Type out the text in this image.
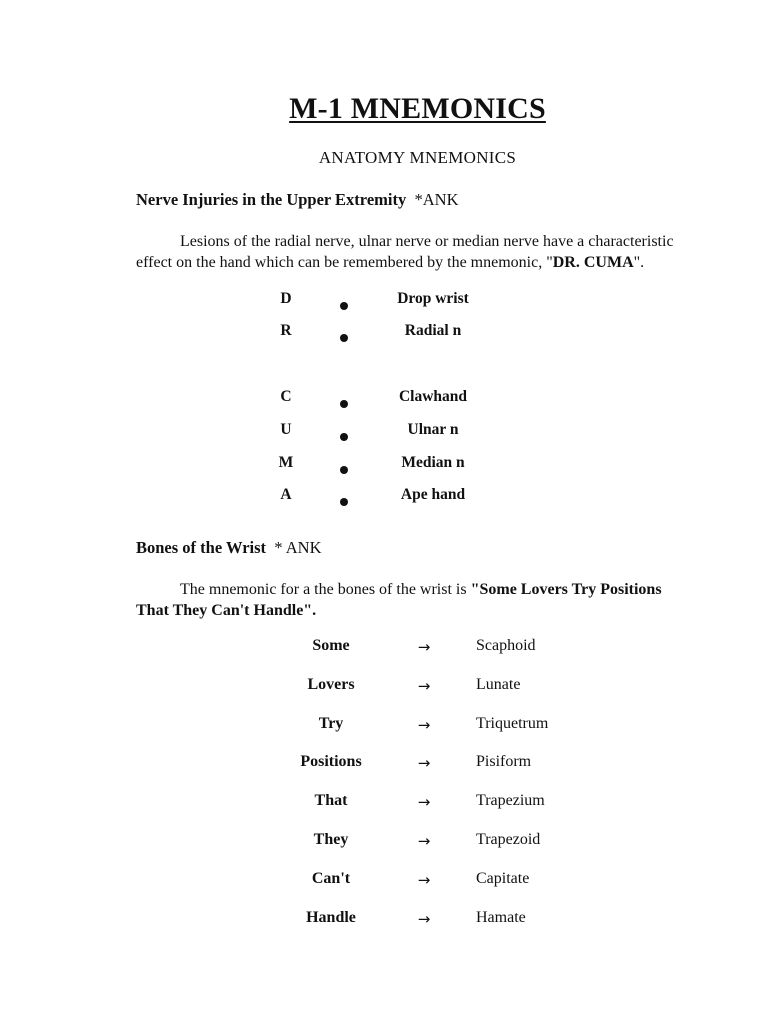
M-1 MNEMONICS
ANATOMY MNEMONICS
Nerve Injuries in the Upper Extremity *ANK
Lesions of the radial nerve, ulnar nerve or median nerve have a characteristic effect on the hand which can be remembered by the mnemonic, "DR. CUMA".
D	Drop wrist
R	Radial n
C	Clawhand
U	Ulnar n
M	Median n
A	Ape hand
Bones of the Wrist * ANK
The mnemonic for a the bones of the wrist is "Some Lovers Try Positions That They Can't Handle".
Some	→	Scaphoid
Lovers	→	Lunate
Try	→	Triquetrum
Positions	→	Pisiform
That	→	Trapezium
They	→	Trapezoid
Can't	→	Capitate
Handle	→	Hamate
